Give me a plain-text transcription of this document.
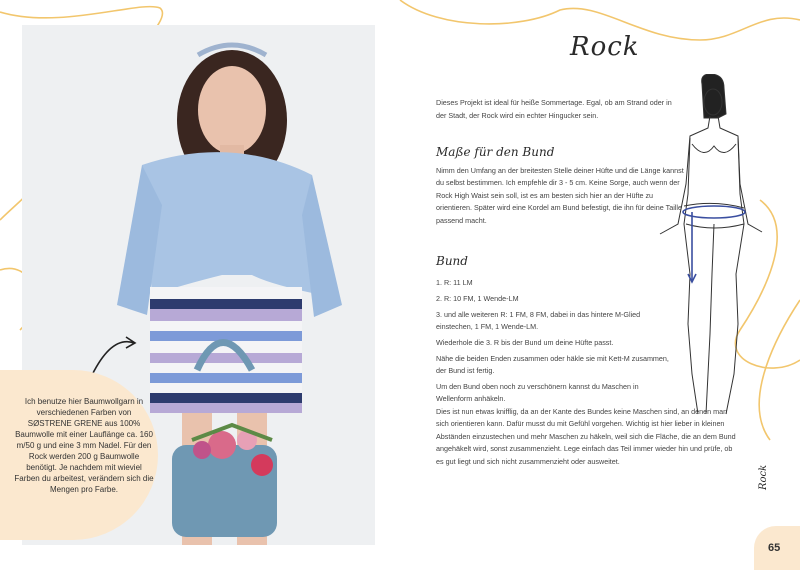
Ich benutze hier Baumwollgarn in verschiedenen Farben von SØSTRENE GRENE aus 100% Baumwolle mit einer Lauflänge ca. 160 m/50 g und eine 3 mm Nadel. Für den Rock werden 200 g Baumwolle benötigt. Je nachdem mit wieviel Farben du arbeitest, verändern sich die Mengen pro Farbe.
Rock
Dieses Projekt ist ideal für heiße Sommertage. Egal, ob am Strand oder in der Stadt, der Rock wird ein echter Hingucker sein.
Maße für den Bund

Nimm den Umfang an der breitesten Stelle deiner Hüfte und die Länge kannst du selbst bestimmen. Ich empfehle dir 3 - 5 cm. Keine Sorge, auch wenn der Rock High Waist sein soll, ist es am besten sich hier an der Hüfte zu orientieren. Später wird eine Kordel am Bund befestigt, die ihn für deine Taille passend macht.

Bund

1. R: 11 LM

2. R: 10 FM, 1 Wende-LM

3. und alle weiteren R: 1 FM, 8 FM, dabei in das hintere M-Glied einstechen, 1 FM, 1 Wende-LM.

Wiederhole die 3. R bis der Bund um deine Hüfte passt.

Nähe die beiden Enden zusammen oder häkle sie mit Kett-M zusammen, der Bund ist fertig.

Um den Bund oben noch zu verschönern kannst du Maschen in Wellenform anhäkeln.

Dies ist nun etwas knifflig, da an der Kante des Bundes keine Maschen sind, an denen man sich orientieren kann. Dafür musst du mit Gefühl vorgehen. Wichtig ist hier lieber in kleinen Abständen einzustechen und mehr Maschen zu häkeln, weil sich die Fläche, die an dem Bund angehäkelt wird, sonst zusammenzieht. Lege einfach das Teil immer wieder hin und prüfe, ob es gut liegt und sich nicht zusammenzieht oder ausweitet.

Rock
65
